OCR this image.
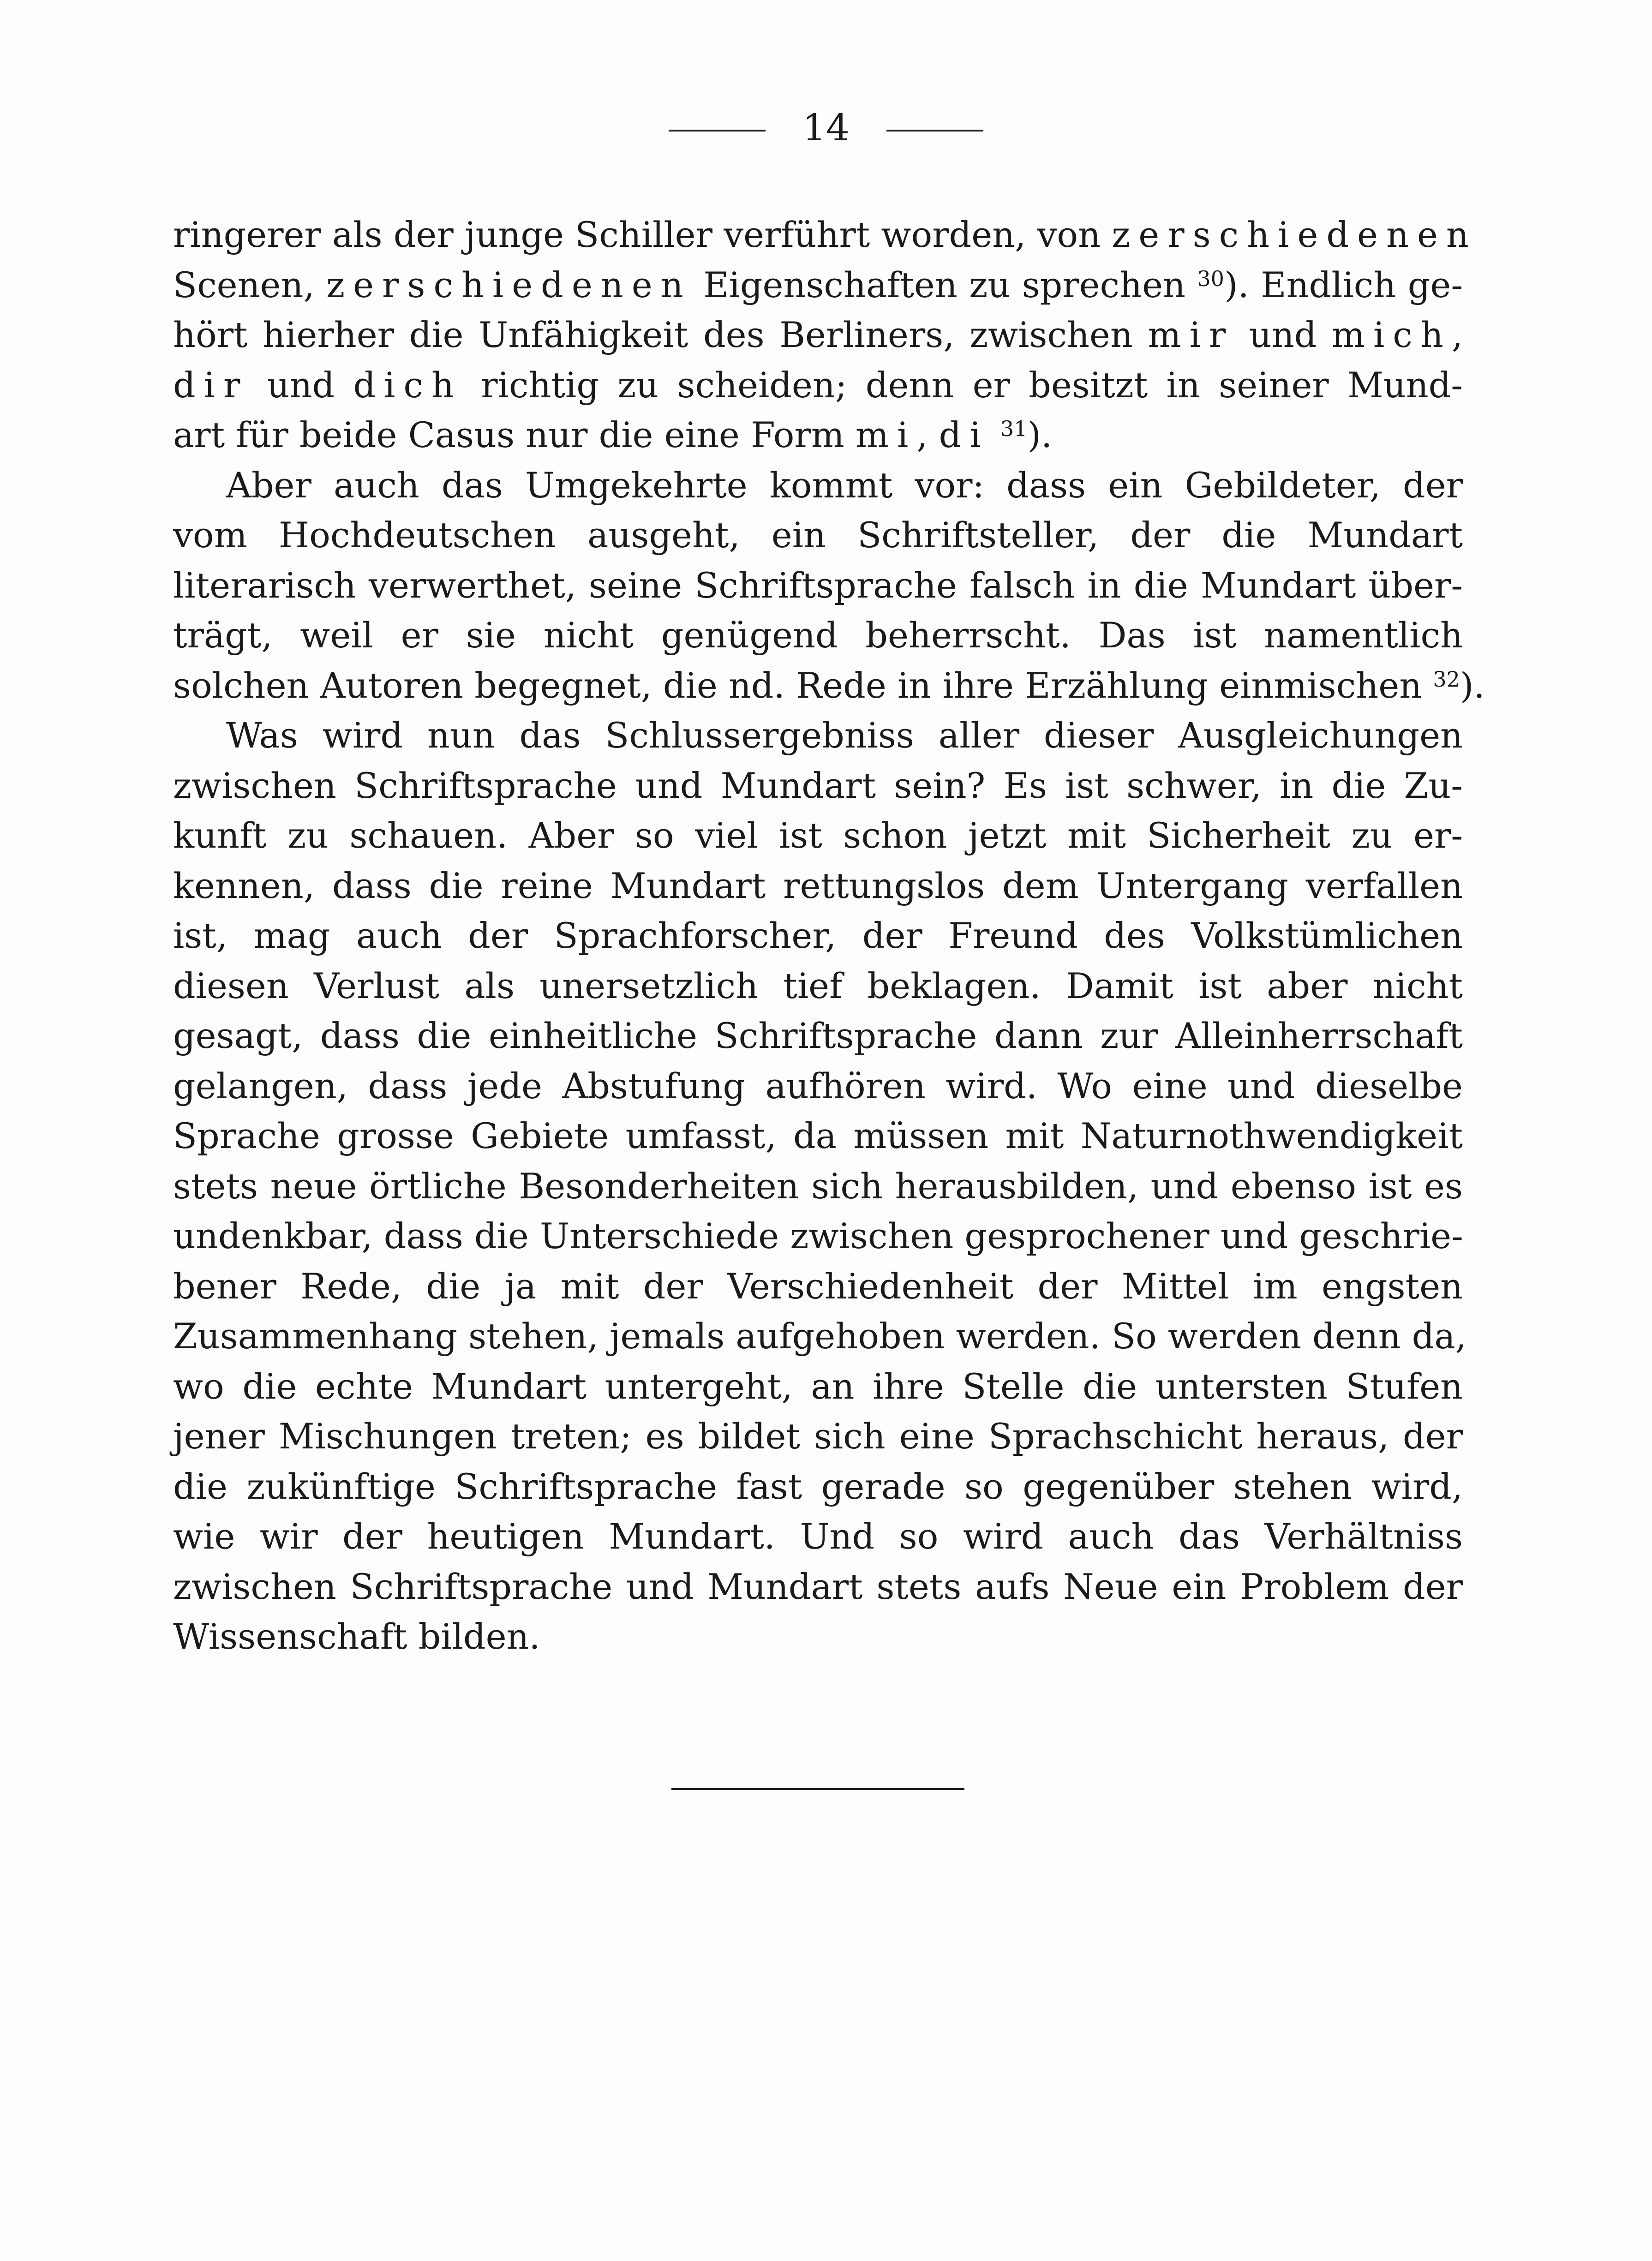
14
ringerer als der junge Schiller verführt worden, von zerschiedenen
Scenen, zerschiedenen Eigenschaften zu sprechen $^{30}$). Endlich ge-
hört hierher die Unfähigkeit des Berliners, zwischen mir und mich,
dir und dich richtig zu scheiden; denn er besitzt in seiner Mund-
art für beide Casus nur die eine Form mi, di $^{31}$).
Aber auch das Umgekehrte kommt vor: dass ein Gebildeter, der
vom Hochdeutschen ausgeht, ein Schriftsteller, der die Mundart
literarisch verwerthet, seine Schriftsprache falsch in die Mundart über-
trägt, weil er sie nicht genügend beherrscht. Das ist namentlich
solchen Autoren begegnet, die nd. Rede in ihre Erzählung einmischen $^{32}$).
Was wird nun das Schlussergebniss aller dieser Ausgleichungen
zwischen Schriftsprache und Mundart sein? Es ist schwer, in die Zu-
kunft zu schauen. Aber so viel ist schon jetzt mit Sicherheit zu er-
kennen, dass die reine Mundart rettungslos dem Untergang verfallen
ist, mag auch der Sprachforscher, der Freund des Volkstümlichen
diesen Verlust als unersetzlich tief beklagen. Damit ist aber nicht
gesagt, dass die einheitliche Schriftsprache dann zur Alleinherrschaft
gelangen, dass jede Abstufung aufhören wird. Wo eine und dieselbe
Sprache grosse Gebiete umfasst, da müssen mit Naturnothwendigkeit
stets neue örtliche Besonderheiten sich herausbilden, und ebenso ist es
undenkbar, dass die Unterschiede zwischen gesprochener und geschrie-
bener Rede, die ja mit der Verschiedenheit der Mittel im engsten
Zusammenhang stehen, jemals aufgehoben werden. So werden denn da,
wo die echte Mundart untergeht, an ihre Stelle die untersten Stufen
jener Mischungen treten; es bildet sich eine Sprachschicht heraus, der
die zukünftige Schriftsprache fast gerade so gegenüber stehen wird,
wie wir der heutigen Mundart. Und so wird auch das Verhältniss
zwischen Schriftsprache und Mundart stets aufs Neue ein Problem der
Wissenschaft bilden.
